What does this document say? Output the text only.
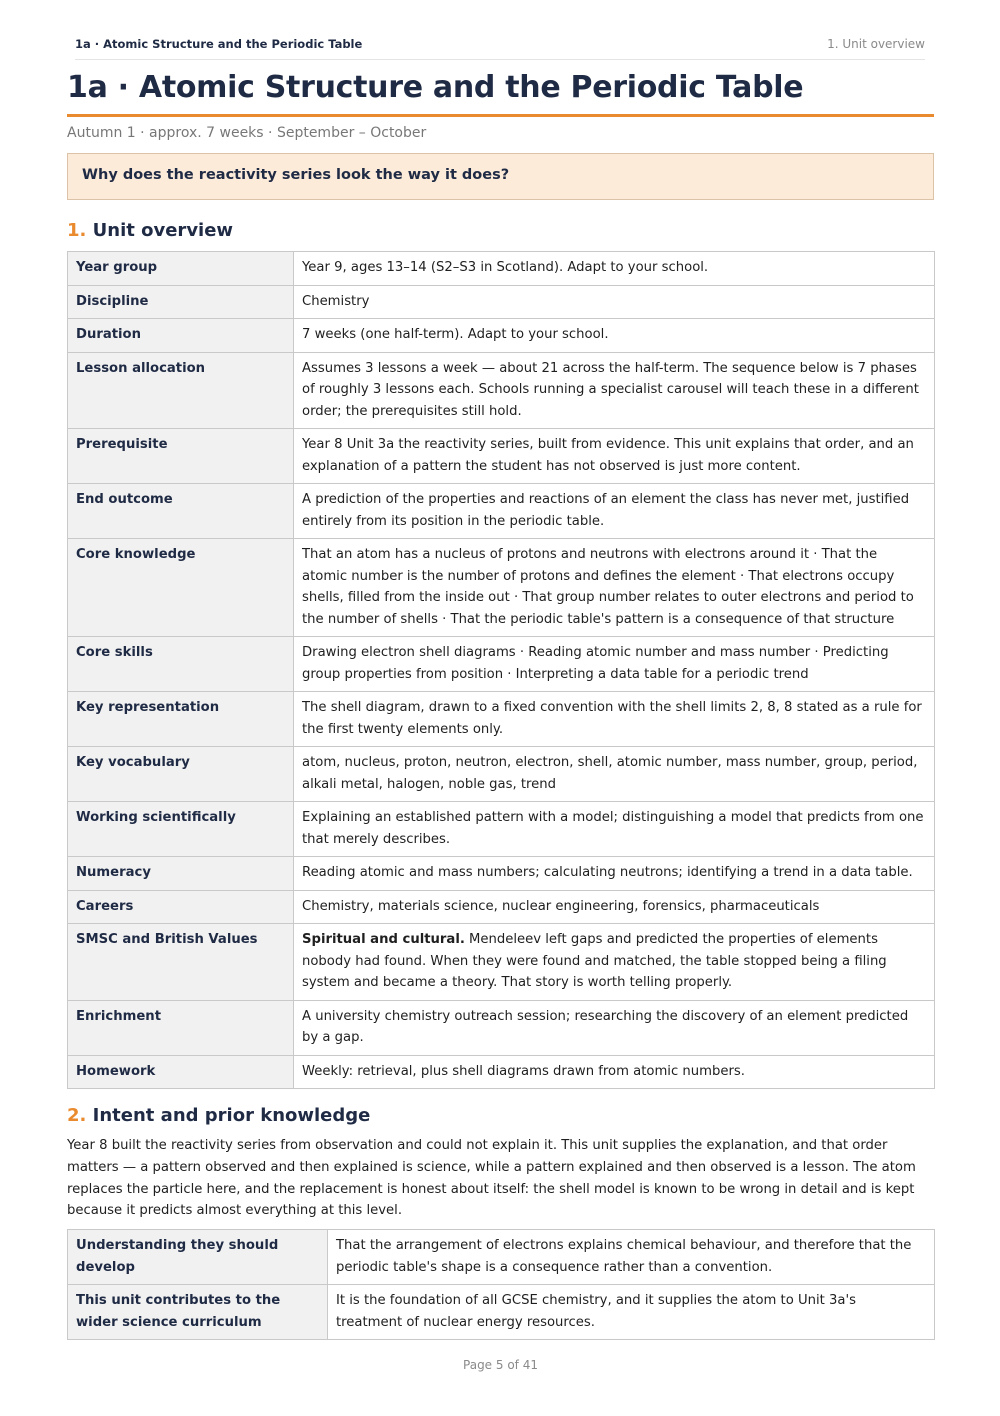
1a · Atomic Structure and the Periodic Table	1. Unit overview
1a · Atomic Structure and the Periodic Table
Autumn 1 · approx. 7 weeks · September – October
Why does the reactivity series look the way it does?
1. Unit overview
Year group	Year 9, ages 13–14 (S2–S3 in Scotland). Adapt to your school.
Discipline	Chemistry
Duration	7 weeks (one half-term). Adapt to your school.
Lesson allocation	Assumes 3 lessons a week — about 21 across the half-term. The sequence below is 7 phases of roughly 3 lessons each. Schools running a specialist carousel will teach these in a different order; the prerequisites still hold.
Prerequisite	Year 8 Unit 3a the reactivity series, built from evidence. This unit explains that order, and an explanation of a pattern the student has not observed is just more content.
End outcome	A prediction of the properties and reactions of an element the class has never met, justified entirely from its position in the periodic table.
Core knowledge	That an atom has a nucleus of protons and neutrons with electrons around it · That the atomic number is the number of protons and defines the element · That electrons occupy shells, filled from the inside out · That group number relates to outer electrons and period to the number of shells · That the periodic table's pattern is a consequence of that structure
Core skills	Drawing electron shell diagrams · Reading atomic number and mass number · Predicting group properties from position · Interpreting a data table for a periodic trend
Key representation	The shell diagram, drawn to a fixed convention with the shell limits 2, 8, 8 stated as a rule for the first twenty elements only.
Key vocabulary	atom, nucleus, proton, neutron, electron, shell, atomic number, mass number, group, period, alkali metal, halogen, noble gas, trend
Working scientifically	Explaining an established pattern with a model; distinguishing a model that predicts from one that merely describes.
Numeracy	Reading atomic and mass numbers; calculating neutrons; identifying a trend in a data table.
Careers	Chemistry, materials science, nuclear engineering, forensics, pharmaceuticals
SMSC and British Values	Spiritual and cultural. Mendeleev left gaps and predicted the properties of elements nobody had found. When they were found and matched, the table stopped being a filing system and became a theory. That story is worth telling properly.
Enrichment	A university chemistry outreach session; researching the discovery of an element predicted by a gap.
Homework	Weekly: retrieval, plus shell diagrams drawn from atomic numbers.
2. Intent and prior knowledge

Year 8 built the reactivity series from observation and could not explain it. This unit supplies the explanation, and that order matters — a pattern observed and then explained is science, while a pattern explained and then observed is a lesson. The atom replaces the particle here, and the replacement is honest about itself: the shell model is known to be wrong in detail and is kept because it predicts almost everything at this level.

Understanding they should develop	That the arrangement of electrons explains chemical behaviour, and therefore that the periodic table's shape is a consequence rather than a convention.
This unit contributes to the wider science curriculum	It is the foundation of all GCSE chemistry, and it supplies the atom to Unit 3a's treatment of nuclear energy resources.
Page 5 of 41
